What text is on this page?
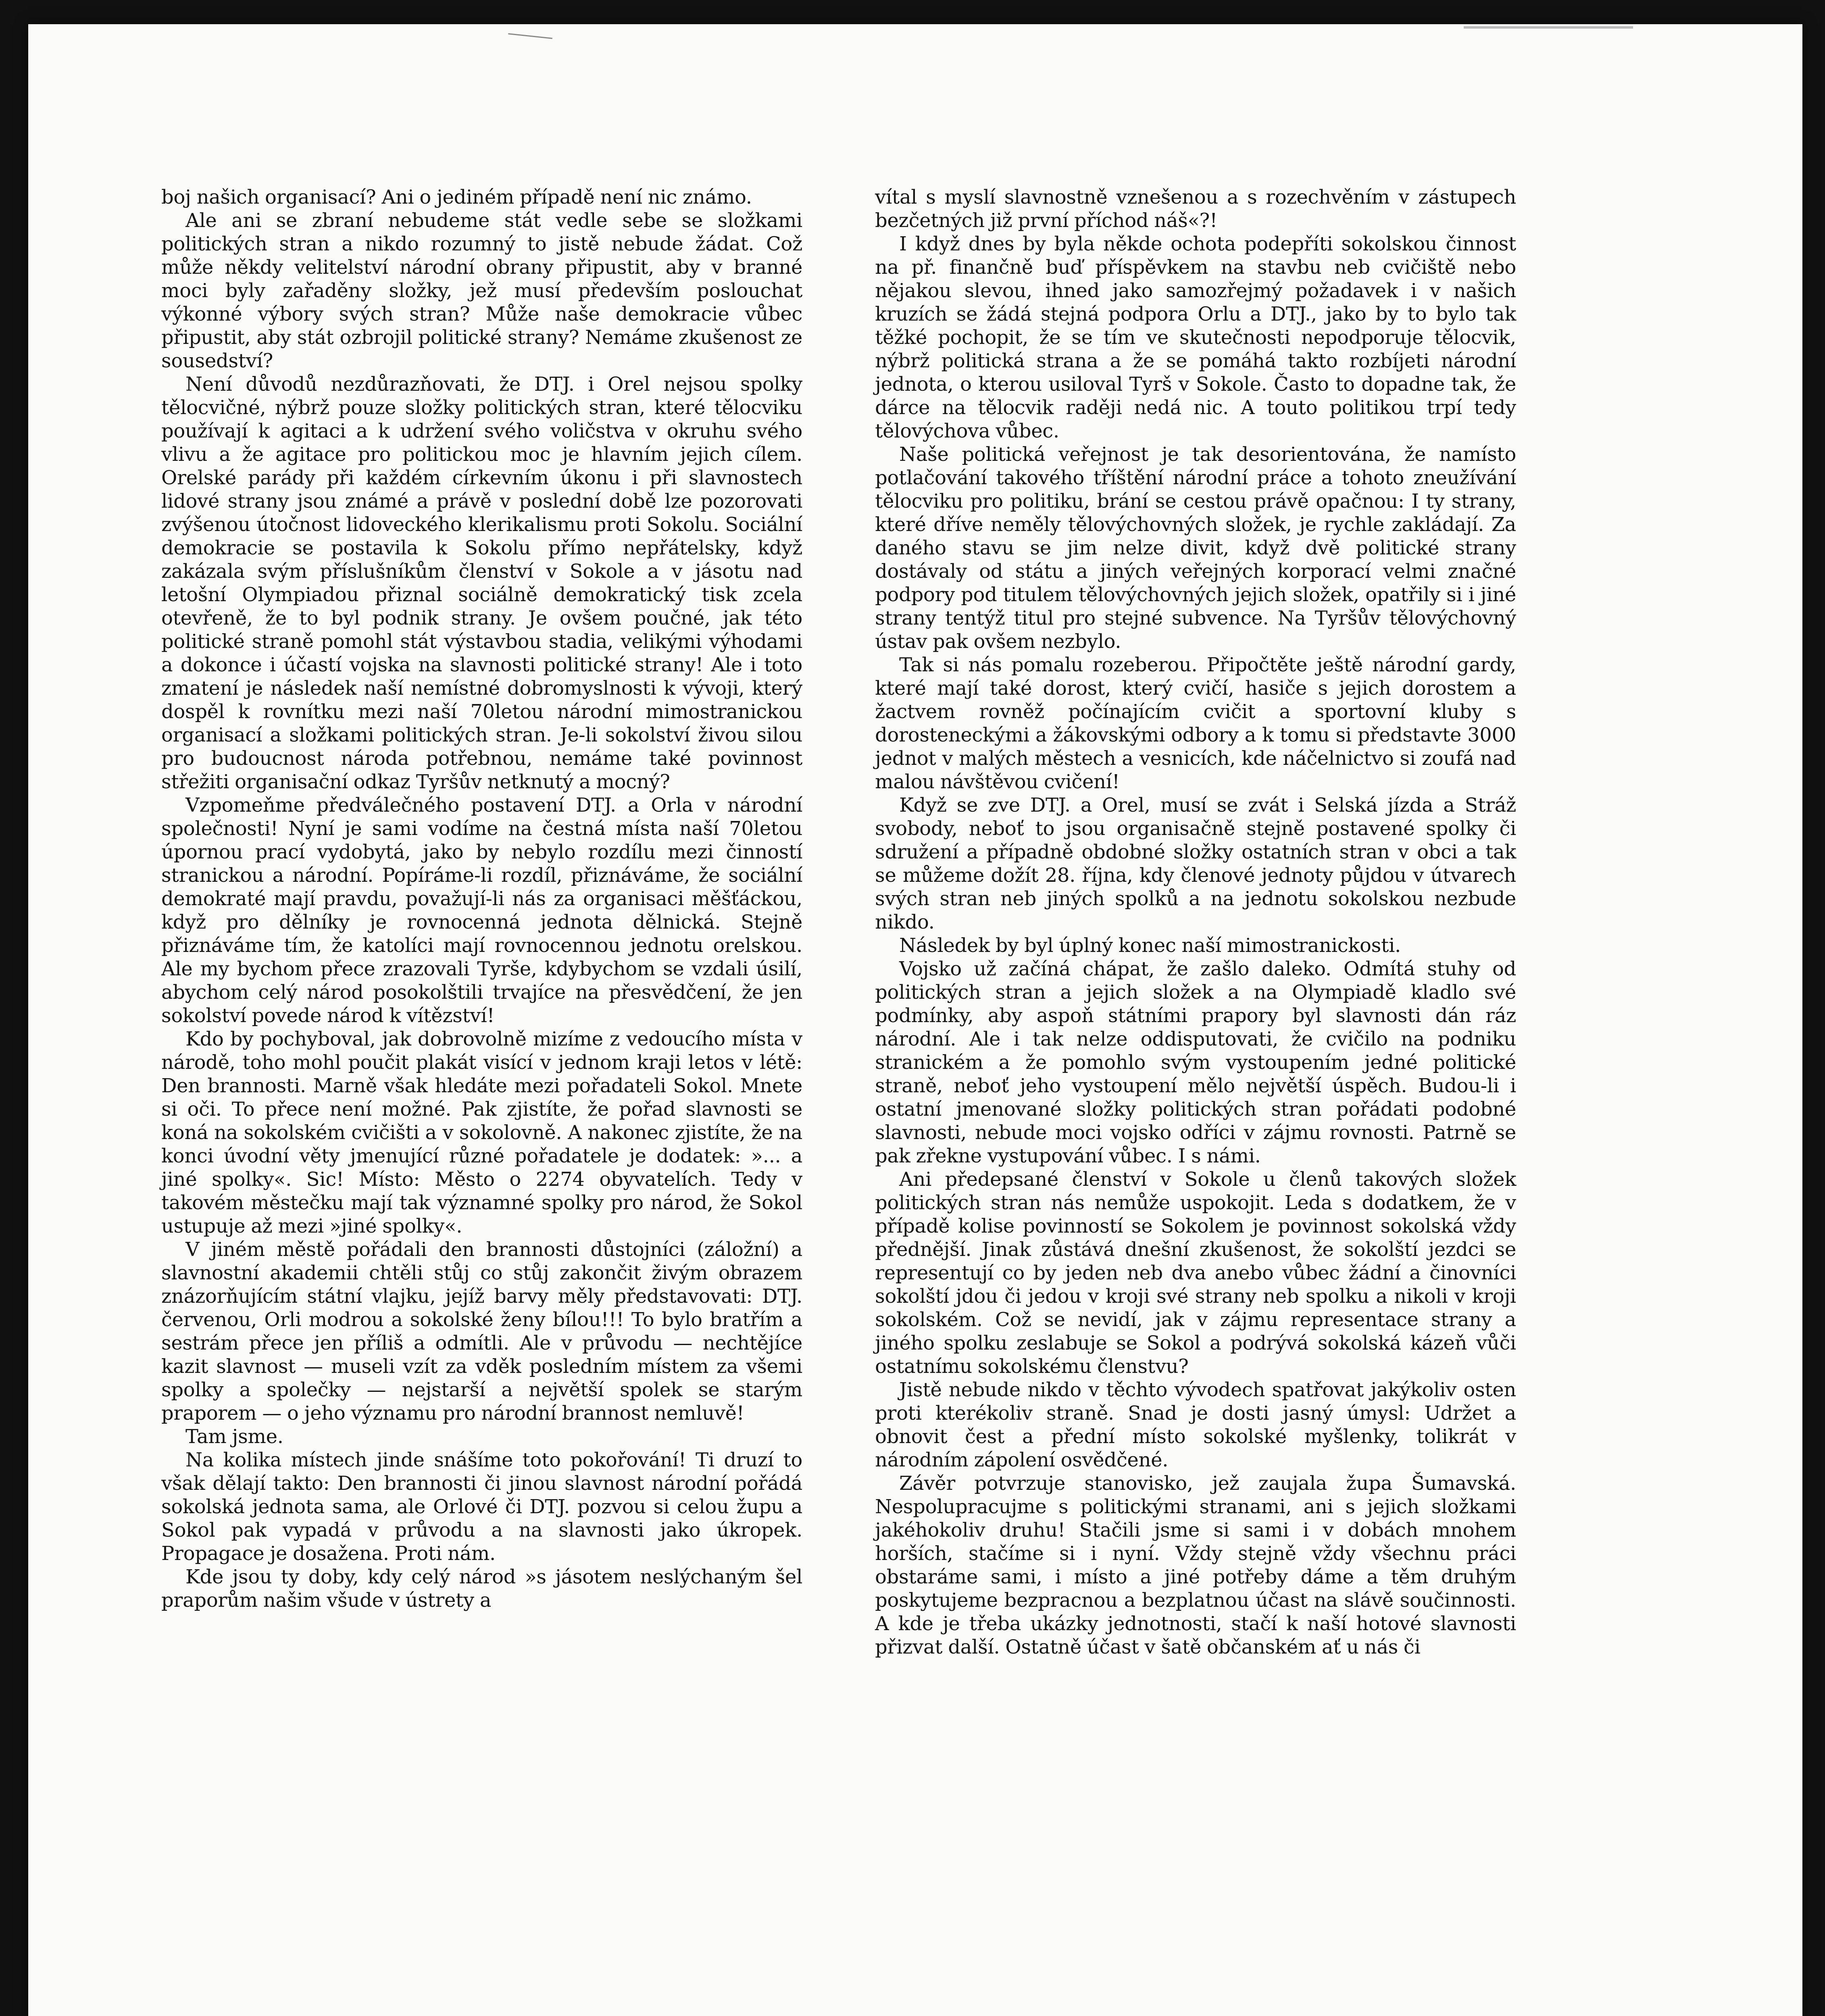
boj našich organisací? Ani o jediném případě není nic známo.

Ale ani se zbraní nebudeme stát vedle sebe se složkami politických stran a nikdo rozumný to jistě nebude žádat. Což může někdy velitelství národní obrany připustit, aby v branné moci byly zařaděny složky, jež musí především poslouchat výkonné výbory svých stran? Může naše demokracie vůbec připustit, aby stát ozbrojil politické strany? Nemáme zkušenost ze sousedství?

Není důvodů nezdůrazňovati, že DTJ. i Orel nejsou spolky tělocvičné, nýbrž pouze složky politických stran, které tělocviku používají k agitaci a k udržení svého voličstva v okruhu svého vlivu a že agitace pro politickou moc je hlavním jejich cílem. Orelské parády při každém církevním úkonu i při slavnostech lidové strany jsou známé a právě v poslední době lze pozorovati zvýšenou útočnost lidoveckého klerikalismu proti Sokolu. Sociální demokracie se postavila k Sokolu přímo nepřátelsky, když zakázala svým příslušníkům členství v Sokole a v jásotu nad letošní Olympiadou přiznal sociálně demokratický tisk zcela otevřeně, že to byl podnik strany. Je ovšem poučné, jak této politické straně pomohl stát výstavbou stadia, velikými výhodami a dokonce i účastí vojska na slavnosti politické strany! Ale i toto zmatení je následek naší nemístné dobromyslnosti k vývoji, který dospěl k rovnítku mezi naší 70letou národní mimostranickou organisací a složkami politických stran. Je-li sokolství živou silou pro budoucnost národa potřebnou, nemáme také povinnost střežiti organisační odkaz Tyršův netknutý a mocný?

Vzpomeňme předválečného postavení DTJ. a Orla v národní společnosti! Nyní je sami vodíme na čestná místa naší 70letou úpornou prací vydobytá, jako by nebylo rozdílu mezi činností stranickou a národní. Popíráme-li rozdíl, přiznáváme, že sociální demokraté mají pravdu, považují-li nás za organisaci měšťáckou, když pro dělníky je rovnocenná jednota dělnická. Stejně přiznáváme tím, že katolíci mají rovnocennou jednotu orelskou. Ale my bychom přece zrazovali Tyrše, kdybychom se vzdali úsilí, abychom celý národ posokolštili trvajíce na přesvědčení, že jen sokolství povede národ k vítězství!

Kdo by pochyboval, jak dobrovolně mizíme z vedoucího místa v národě, toho mohl poučit plakát visící v jednom kraji letos v létě: Den brannosti. Marně však hledáte mezi pořadateli Sokol. Mnete si oči. To přece není možné. Pak zjistíte, že pořad slavnosti se koná na sokolském cvičišti a v sokolovně. A nakonec zjistíte, že na konci úvodní věty jmenující různé pořadatele je dodatek: »... a jiné spolky«. Sic! Místo: Město o 2274 obyvatelích. Tedy v takovém městečku mají tak významné spolky pro národ, že Sokol ustupuje až mezi »jiné spolky«.

V jiném městě pořádali den brannosti důstojníci (záložní) a slavnostní akademii chtěli stůj co stůj zakončit živým obrazem znázorňujícím státní vlajku, jejíž barvy měly představovati: DTJ. červenou, Orli modrou a sokolské ženy bílou!!! To bylo bratřím a sestrám přece jen příliš a odmítli. Ale v průvodu — nechtějíce kazit slavnost — museli vzít za vděk posledním místem za všemi spolky a společky — nejstarší a největší spolek se starým praporem — o jeho významu pro národní brannost nemluvě!

Tam jsme.

Na kolika místech jinde snášíme toto pokořování! Ti druzí to však dělají takto: Den brannosti či jinou slavnost národní pořádá sokolská jednota sama, ale Orlové či DTJ. pozvou si celou župu a Sokol pak vypadá v průvodu a na slavnosti jako úkropek. Propagace je dosažena. Proti nám.

Kde jsou ty doby, kdy celý národ »s jásotem neslýchaným šel praporům našim všude v ústrety a

vítal s myslí slavnostně vznešenou a s rozechvěním v zástupech bezčetných již první příchod náš«?!

I když dnes by byla někde ochota podepříti sokolskou činnost na př. finančně buď příspěvkem na stavbu neb cvičiště nebo nějakou slevou, ihned jako samozřejmý požadavek i v našich kruzích se žádá stejná podpora Orlu a DTJ., jako by to bylo tak těžké pochopit, že se tím ve skutečnosti nepodporuje tělocvik, nýbrž politická strana a že se pomáhá takto rozbíjeti národní jednota, o kterou usiloval Tyrš v Sokole. Často to dopadne tak, že dárce na tělocvik raději nedá nic. A touto politikou trpí tedy tělovýchova vůbec.

Naše politická veřejnost je tak desorientována, že namísto potlačování takového tříštění národní práce a tohoto zneužívání tělocviku pro politiku, brání se cestou právě opačnou: I ty strany, které dříve neměly tělovýchovných složek, je rychle zakládají. Za daného stavu se jim nelze divit, když dvě politické strany dostávaly od státu a jiných veřejných korporací velmi značné podpory pod titulem tělovýchovných jejich složek, opatřily si i jiné strany tentýž titul pro stejné subvence. Na Tyršův tělovýchovný ústav pak ovšem nezbylo.

Tak si nás pomalu rozeberou. Připočtěte ještě národní gardy, které mají také dorost, který cvičí, hasiče s jejich dorostem a žactvem rovněž počínajícím cvičit a sportovní kluby s dorosteneckými a žákovskými odbory a k tomu si představte 3000 jednot v malých městech a vesnicích, kde náčelnictvo si zoufá nad malou návštěvou cvičení!

Když se zve DTJ. a Orel, musí se zvát i Selská jízda a Stráž svobody, neboť to jsou organisačně stejně postavené spolky či sdružení a případně obdobné složky ostatních stran v obci a tak se můžeme dožít 28. října, kdy členové jednoty půjdou v útvarech svých stran neb jiných spolků a na jednotu sokolskou nezbude nikdo.

Následek by byl úplný konec naší mimostranickosti.

Vojsko už začíná chápat, že zašlo daleko. Odmítá stuhy od politických stran a jejich složek a na Olympiadě kladlo své podmínky, aby aspoň státními prapory byl slavnosti dán ráz národní. Ale i tak nelze oddisputovati, že cvičilo na podniku stranickém a že pomohlo svým vystoupením jedné politické straně, neboť jeho vystoupení mělo největší úspěch. Budou-li i ostatní jmenované složky politických stran pořádati podobné slavnosti, nebude moci vojsko odříci v zájmu rovnosti. Patrně se pak zřekne vystupování vůbec. I s námi.

Ani předepsané členství v Sokole u členů takových složek politických stran nás nemůže uspokojit. Leda s dodatkem, že v případě kolise povinností se Sokolem je povinnost sokolská vždy přednější. Jinak zůstává dnešní zkušenost, že sokolští jezdci se representují co by jeden neb dva anebo vůbec žádní a činovníci sokolští jdou či jedou v kroji své strany neb spolku a nikoli v kroji sokolském. Což se nevidí, jak v zájmu representace strany a jiného spolku zeslabuje se Sokol a podrývá sokolská kázeň vůči ostatnímu sokolskému členstvu?

Jistě nebude nikdo v těchto vývodech spatřovat jakýkoliv osten proti kterékoliv straně. Snad je dosti jasný úmysl: Udržet a obnovit čest a přední místo sokolské myšlenky, tolikrát v národním zápolení osvědčené.

Závěr potvrzuje stanovisko, jež zaujala župa Šumavská. Nespolupracujme s politickými stranami, ani s jejich složkami jakéhokoliv druhu! Stačili jsme si sami i v dobách mnohem horších, stačíme si i nyní. Vždy stejně vždy všechnu práci obstaráme sami, i místo a jiné potřeby dáme a těm druhým poskytujeme bezpracnou a bezplatnou účast na slávě součinnosti. A kde je třeba ukázky jednotnosti, stačí k naší hotové slavnosti přizvat další. Ostatně účast v šatě občanském ať u nás či
